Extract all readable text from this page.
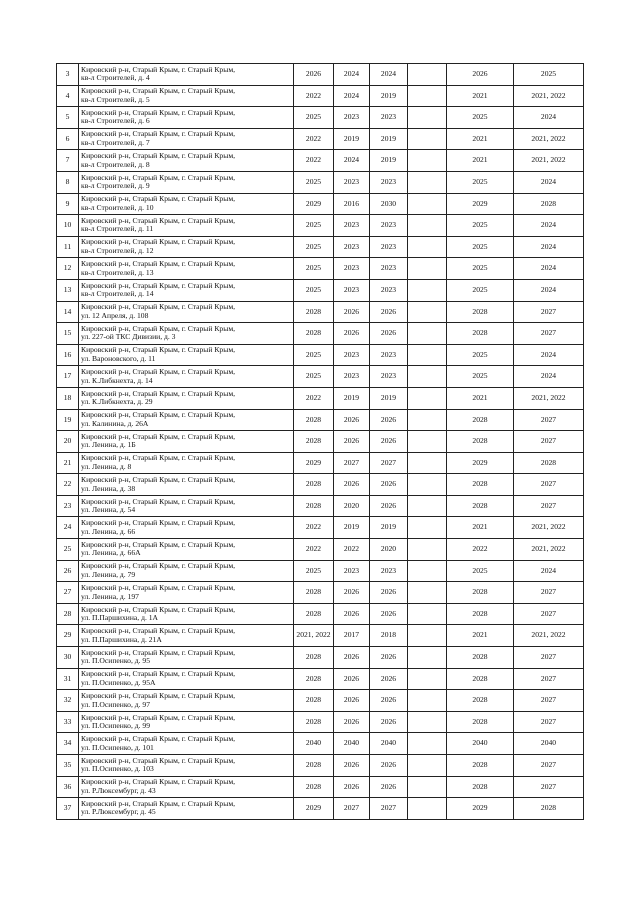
3	Кировский р-н, Старый Крым, г. Старый Крым,
кв-л Строителей, д. 4	2026	2024	2024		2026	2025
4	Кировский р-н, Старый Крым, г. Старый Крым,
кв-л Строителей, д. 5	2022	2024	2019		2021	2021, 2022
5	Кировский р-н, Старый Крым, г. Старый Крым,
кв-л Строителей, д. 6	2025	2023	2023		2025	2024
6	Кировский р-н, Старый Крым, г. Старый Крым,
кв-л Строителей, д. 7	2022	2019	2019		2021	2021, 2022
7	Кировский р-н, Старый Крым, г. Старый Крым,
кв-л Строителей, д. 8	2022	2024	2019		2021	2021, 2022
8	Кировский р-н, Старый Крым, г. Старый Крым,
кв-л Строителей, д. 9	2025	2023	2023		2025	2024
9	Кировский р-н, Старый Крым, г. Старый Крым,
кв-л Строителей, д. 10	2029	2016	2030		2029	2028
10	Кировский р-н, Старый Крым, г. Старый Крым,
кв-л Строителей, д. 11	2025	2023	2023		2025	2024
11	Кировский р-н, Старый Крым, г. Старый Крым,
кв-л Строителей, д. 12	2025	2023	2023		2025	2024
12	Кировский р-н, Старый Крым, г. Старый Крым,
кв-л Строителей, д. 13	2025	2023	2023		2025	2024
13	Кировский р-н, Старый Крым, г. Старый Крым,
кв-л Строителей, д. 14	2025	2023	2023		2025	2024
14	Кировский р-н, Старый Крым, г. Старый Крым,
ул. 12 Апреля, д. 108	2028	2026	2026		2028	2027
15	Кировский р-н, Старый Крым, г. Старый Крым,
ул. 227-ой ТКС Дивизии, д. 3	2028	2026	2026		2028	2027
16	Кировский р-н, Старый Крым, г. Старый Крым,
ул. Вароновского, д. 11	2025	2023	2023		2025	2024
17	Кировский р-н, Старый Крым, г. Старый Крым,
ул. К.Либкнехта, д. 14	2025	2023	2023		2025	2024
18	Кировский р-н, Старый Крым, г. Старый Крым,
ул. К.Либкнехта, д. 29	2022	2019	2019		2021	2021, 2022
19	Кировский р-н, Старый Крым, г. Старый Крым,
ул. Калинина, д. 26А	2028	2026	2026		2028	2027
20	Кировский р-н, Старый Крым, г. Старый Крым,
ул. Ленина, д. 1Б	2028	2026	2026		2028	2027
21	Кировский р-н, Старый Крым, г. Старый Крым,
ул. Ленина, д. 8	2029	2027	2027		2029	2028
22	Кировский р-н, Старый Крым, г. Старый Крым,
ул. Ленина, д. 38	2028	2026	2026		2028	2027
23	Кировский р-н, Старый Крым, г. Старый Крым,
ул. Ленина, д. 54	2028	2020	2026		2028	2027
24	Кировский р-н, Старый Крым, г. Старый Крым,
ул. Ленина, д. 66	2022	2019	2019		2021	2021, 2022
25	Кировский р-н, Старый Крым, г. Старый Крым,
ул. Ленина, д. 66А	2022	2022	2020		2022	2021, 2022
26	Кировский р-н, Старый Крым, г. Старый Крым,
ул. Ленина, д. 79	2025	2023	2023		2025	2024
27	Кировский р-н, Старый Крым, г. Старый Крым,
ул. Ленина, д. 197	2028	2026	2026		2028	2027
28	Кировский р-н, Старый Крым, г. Старый Крым,
ул. П.Паршихина, д. 1А	2028	2026	2026		2028	2027
29	Кировский р-н, Старый Крым, г. Старый Крым,
ул. П.Паршихина, д. 21А	2021, 2022	2017	2018		2021	2021, 2022
30	Кировский р-н, Старый Крым, г. Старый Крым,
ул. П.Осипенко, д. 95	2028	2026	2026		2028	2027
31	Кировский р-н, Старый Крым, г. Старый Крым,
ул. П.Осипенко, д. 95А	2028	2026	2026		2028	2027
32	Кировский р-н, Старый Крым, г. Старый Крым,
ул. П.Осипенко, д. 97	2028	2026	2026		2028	2027
33	Кировский р-н, Старый Крым, г. Старый Крым,
ул. П.Осипенко, д. 99	2028	2026	2026		2028	2027
34	Кировский р-н, Старый Крым, г. Старый Крым,
ул. П.Осипенко, д. 101	2040	2040	2040		2040	2040
35	Кировский р-н, Старый Крым, г. Старый Крым,
ул. П.Осипенко, д. 103	2028	2026	2026		2028	2027
36	Кировский р-н, Старый Крым, г. Старый Крым,
ул. Р.Люксембург, д. 43	2028	2026	2026		2028	2027
37	Кировский р-н, Старый Крым, г. Старый Крым,
ул. Р.Люксембург, д. 45	2029	2027	2027		2029	2028
